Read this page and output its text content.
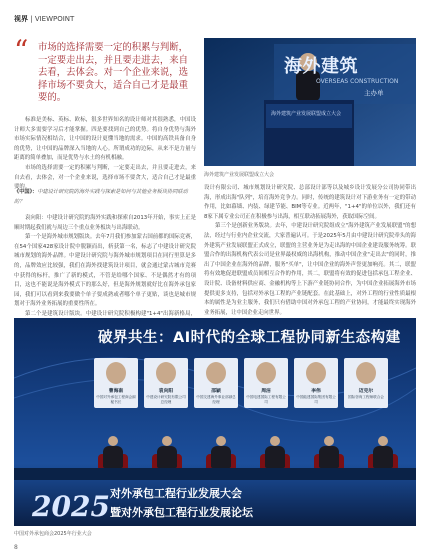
视界 | VIEWPOINT
“ 市场的选择需要一定的积累与判断，一定要走出去，并且要走进去，来自去看，去体会。对一个企业来说，选择市场不要贪大，适合自己才是最重要的。
海外建筑
OVERSEAS CONSTRUCTION
主办单
海外建筑产业发展联盟成立大会
海外建筑产业发展联盟成立大会

标准是美标、英标、欧标，很多世界知名的设计师对其很熟悉，中国设计师大多需要学习后才能掌握。四是要找到自己的优势。将自身优势与海外市场实际情况相结合，让中国的设计更懂当地的需求。中国的高铁具备自身的优势，让中国的品牌深入当地的人心。所谓成功的边际，从来不是力量与距离的简单叠加，而是优势与水土的有机相融。

市场的选择需要一定的积累与判断，一定要走出去，并且要走进去，来自去看，去体会，对一个企业来说，选择市场不要贪大，适合自己才是最重要的。

《中国》：中建设计研究院的海外实践与探索是如何与其他业务板块协同联动的？

袁向阳：中建设计研究院的海外实践和探索自2013年开始，事实上正是顺时期起我们就与周边三个重点业务板块与出海联动。

第一个是海外城市规划版块。去年7月我们参加蒙古国前都的国际竞赛，在54个国家428家设计院中脱颖而出，斩获第一名，标志了中建设计研究院城市规划的海外品牌。中建设计研究院与海外城市规划项目在同行里算是多的，品牌效应比较强，我们在海外找建筑设计项目，就会通过蒙古城市竞赛中获得的标杆，推广了新的模式，不管是给哪个国家、不是偶然才有的项目，这也不能说是海外模式下的那么好，但是海外规划就好比在海外承包家园，我们可以看到来我要做个单子要成熟或者哪个单子更贴，谈也是城市规划对于海外业务拓展的重要性所在。

第二个是建筑设计版块。中建设计研究院积极构建"1+4"出海新格局，

设计有限公司、城市规划设计研究院、总部设计部等以及城乡设计发展分公司协同带出海，形成出海"队列"，培育海外竞争力。同时，传统的建筑设计对下游业务有一定的带动作用，比如幕墙、内装、绿建节能、BIM等专业。近两年，"1+4"的单位以外，我们还有8家下属专业公司正在积极参与出海，相互联动拓展海外，获取国际空间。

第三个是创新业务版块。去年，中建设计研究院组成立"海外建筑产业发展联盟"的想法，经过与行业内企业交流，大家普遍认可。于是2025年5月由中建设计研究院牵头的海外建筑产业发展联盟正式成立，联盟的主营业务是为走出海的中国企业建设服务统筹。联盟合作的出海机构代表公司是业界最权威的出海机构，推动中国企业"走出去"的同时，推出了中国企业在海外的品牌，服务"买单"，让中国企业的海外声誉更加响亮。其二，联盟将有效地促进联盟成员间相互合作的作用，其二，联盟将有效的促进包括承包工程企业、设计院、设备材料供应商、金融机构等上下游产业链协同合作，为中国企业拓展海外市场提供更多支持，包括对外承包工程的产业链配套。在此基础上，对外工程的行业性质最根本的属性是为业主服务，我们只有借助中国对外承包工程的产业协同，才能最终实现海外业务拓展，让中国企业走向世界。

破界共生：AI时代的全球工程协同新生态构建
曹海南
中国对外承包工程商会副秘书长
袁向阳
中建设计研究院有限公司总经理
邵颖
中国交建海外事业部副总经理
周洁
中国电建国际工程有限公司
李伟
中国能建国际集团有限公司
迈克尔
国际咨询工程师联合会
2025 对外承包工程行业发展大会
暨对外承包工程行业发展论坛
中国对外承包商会2025年行业大会
8
